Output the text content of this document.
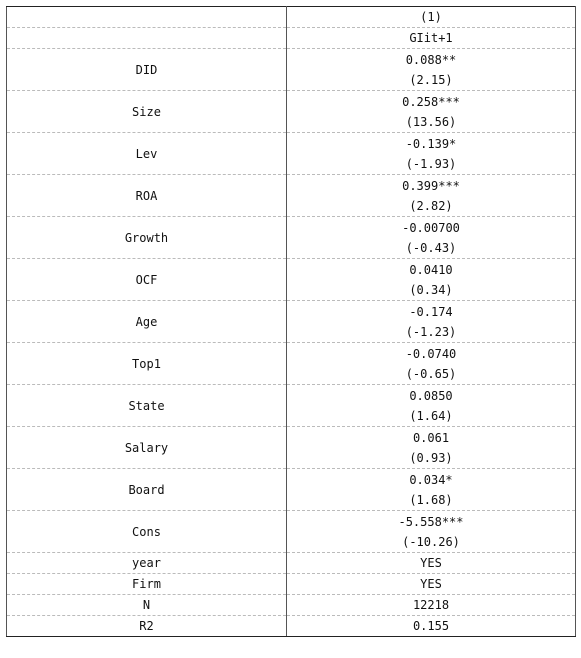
	(1)
	GIit+1
DID	0.088**
(2.15)

Size	0.258***
(13.56)

Lev	-0.139*
(-1.93)

ROA	0.399***
(2.82)

Growth	-0.00700
(-0.43)

OCF	0.0410
(0.34)

Age	-0.174
(-1.23)

Top1	-0.0740
(-0.65)

State	0.0850
(1.64)

Salary	0.061
(0.93)

Board	0.034*
(1.68)

Cons	-5.558***
(-10.26)

year	YES
Firm	YES
N	12218
R2	0.155
